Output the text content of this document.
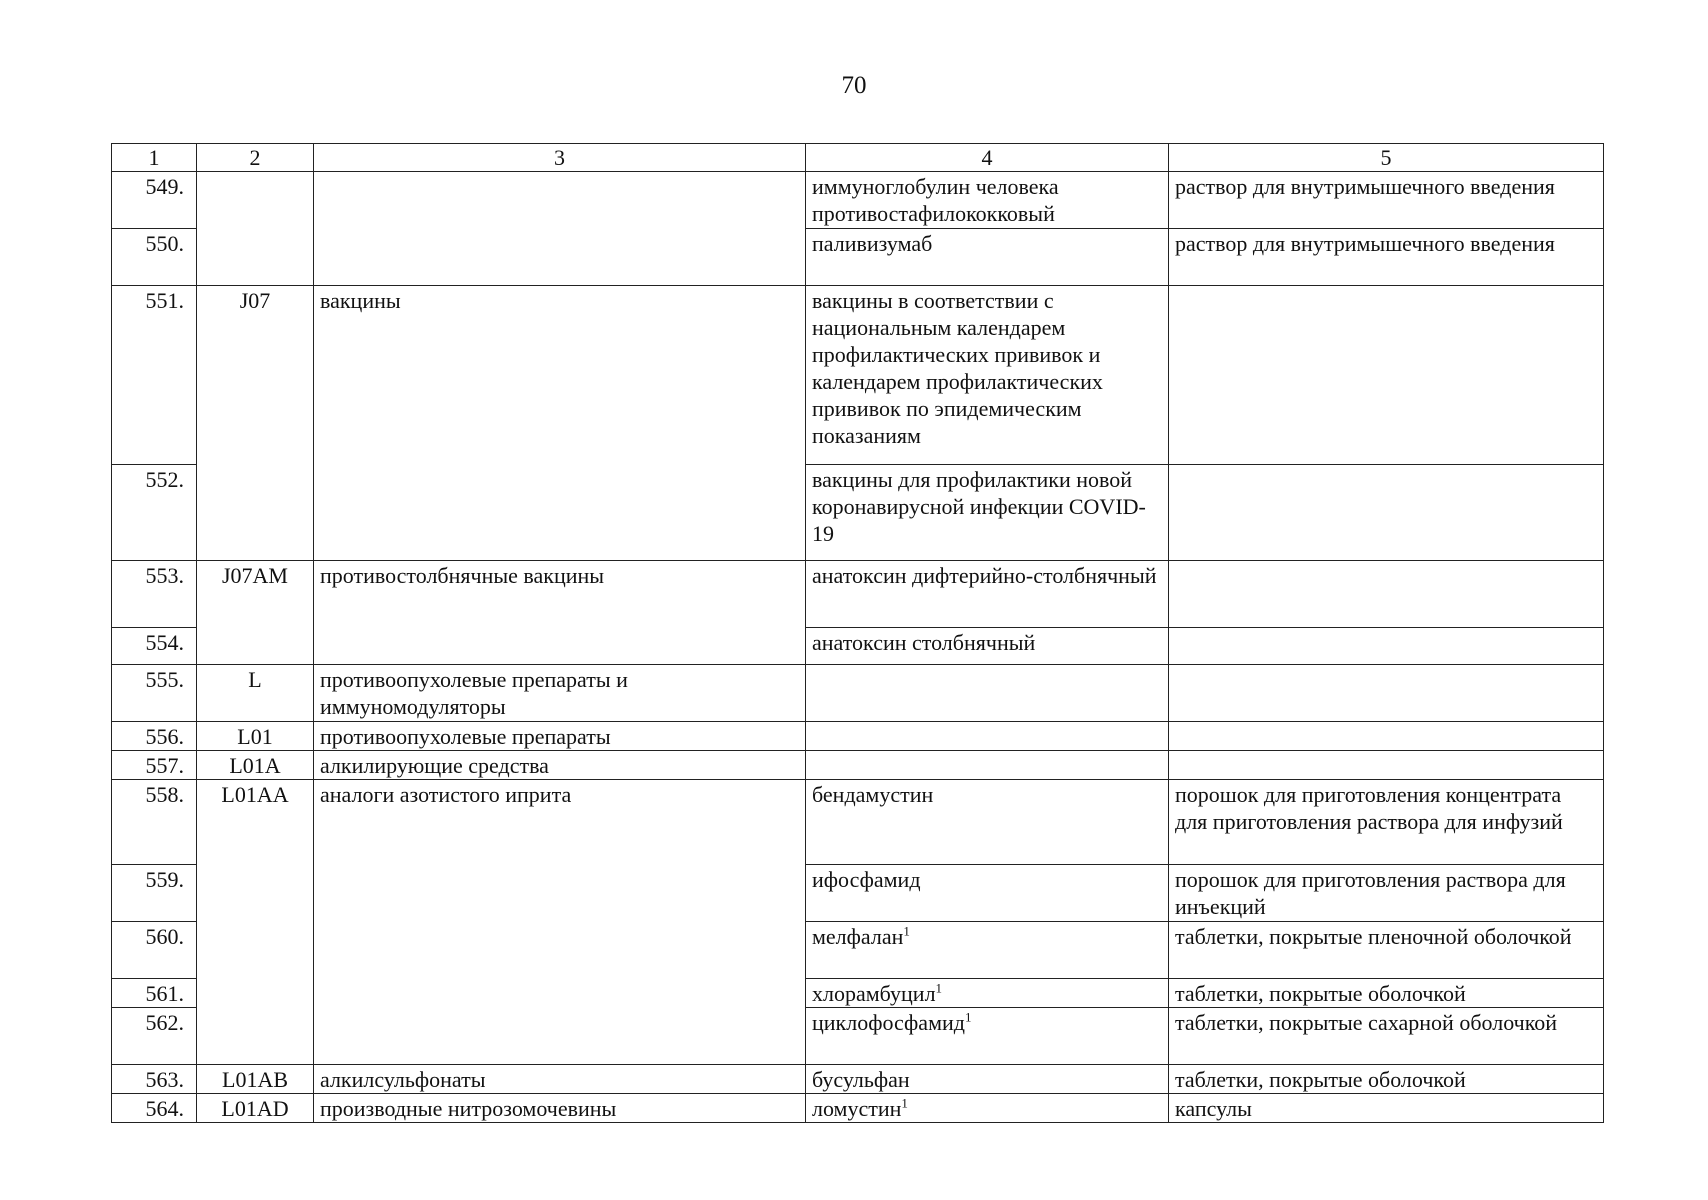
70
1	2	3	4	5
549.			иммуноглобулин человека противостафилококковый	раствор для внутримышечного введения
550.			паливизумаб	раствор для внутримышечного введения
551.	J07	вакцины	вакцины в соответствии с национальным календарем профилактических прививок и календарем профилактических прививок по эпидемическим показаниям	
552.			вакцины для профилактики новой коронавирусной инфекции COVID-19	
553.	J07AM	противостолбнячные вакцины	анатоксин дифтерийно-столбнячный	
554.			анатоксин столбнячный	
555.	L	противоопухолевые препараты и иммуномодуляторы		
556.	L01	противоопухолевые препараты		
557.	L01A	алкилирующие средства		
558.	L01AA	аналоги азотистого иприта	бендамустин	порошок для приготовления концентрата для приготовления раствора для инфузий
559.			ифосфамид	порошок для приготовления раствора для инъекций
560.			мелфалан$^1$	таблетки, покрытые пленочной оболочкой
561.			хлорамбуцил$^1$	таблетки, покрытые оболочкой
562.			циклофосфамид$^1$	таблетки, покрытые сахарной оболочкой
563.	L01AB	алкилсульфонаты	бусульфан	таблетки, покрытые оболочкой
564.	L01AD	производные нитрозомочевины	ломустин$^1$	капсулы
